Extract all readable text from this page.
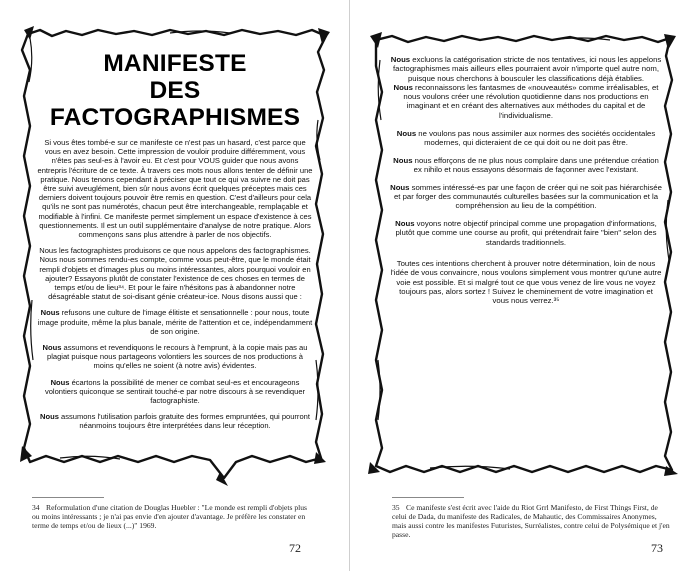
MANIFESTE
DES FACTOGRAPHISMES

Si vous êtes tombé-e sur ce manifeste ce n'est pas un hasard, c'est parce que vous en avez besoin. Cette impression de vouloir produire différemment, vous n'êtes pas seul-es à l'avoir eu. Et c'est pour VOUS guider que nous avons entrepris l'écriture de ce texte. À travers ces mots nous allons tenter de définir une pratique. Nous tenons cependant à préciser que tout ce qui va suivre ne doit pas être suivi aveuglément, bien sûr nous avons écrit quelques préceptes mais ces derniers doivent toujours pouvoir être remis en question. C'est d'ailleurs pour cela qu'ils ne sont pas numérotés, chacun peut être interchangeable, remplaçable et modifiable à l'infini. Ce manifeste permet simplement un espace d'existence à ces questionnements. Il est un outil supplémentaire d'analyse de notre pratique. Alors commençons sans plus attendre à parler de nos objectifs.

Nous les factographistes produisons ce que nous appelons des factographismes. Nous nous sommes rendu-es compte, comme vous peut-être, que le monde était rempli d'objets et d'images plus ou moins intéressantes, alors pourquoi vouloir en ajouter? Essayons plutôt de constater l'existence de ces choses en termes de temps et/ou de lieu³⁴. Et pour le faire n'hésitons pas à abandonner notre désagréable statut de soi-disant génie créateur-ice. Nous disons aussi que :

Nous refusons une culture de l'image élitiste et sensationnelle : pour nous, toute image produite, même la plus banale, mérite de l'attention et ce, indépendamment de son origine.

Nous assumons et revendiquons le recours à l'emprunt, à la copie mais pas au plagiat puisque nous partageons volontiers les sources de nos productions à moins qu'elles ne soient (à notre avis) évidentes.

Nous écartons la possibilité de mener ce combat seul-es et encourageons volontiers quiconque se sentirait touché-e par notre discours à se revendiquer factographiste.

Nous assumons l'utilisation parfois gratuite des formes empruntées, qui pourront néanmoins toujours être interprétées dans leur réception.

34 Reformulation d'une citation de Douglas Huebler : "Le monde est rempli d'objets plus ou moins intéressants ; je n'ai pas envie d'en ajouter d'avantage. Je préfère les constater en terme de temps et/ou de lieux (...)" 1969.
72

Nous excluons la catégorisation stricte de nos tentatives, ici nous les appelons factographismes mais ailleurs elles pourraient avoir n'importe quel autre nom, puisque nous cherchons à bousculer les classifications déjà établies.
Nous reconnaissons les fantasmes de «nouveautés» comme irréalisables, et nous voulons créer une révolution quotidienne dans nos productions en imaginant et en créant des alternatives aux méthodes du capital et de l'individualisme.

Nous ne voulons pas nous assimiler aux normes des sociétés occidentales modernes, qui dicteraient de ce qui doit ou ne doit pas être.

Nous nous efforçons de ne plus nous complaire dans une prétendue création ex nihilo et nous essayons désormais de façonner avec l'existant.

Nous sommes intéressé-es par une façon de créer qui ne soit pas hiérarchisée et par forger des communautés culturelles basées sur la communication et la compréhension au lieu de la compétition.

Nous voyons notre objectif principal comme une propagation d'informations, plutôt que comme une course au profit, qui prétendrait faire "bien" selon des standards traditionnels.

Toutes ces intentions cherchent à prouver notre détermination, loin de nous l'idée de vous convaincre, nous voulons simplement vous montrer qu'une autre voie est possible. Et si malgré tout ce que vous venez de lire vous ne voyez toujours pas, alors sortez ! Suivez le cheminement de votre imagination et vous nous verrez.³⁵

35 Ce manifeste s'est écrit avec l'aide du Riot Grrl Manifesto, de First Things First, de celui de Dada, du manifeste des Radicales, de Mahautic, des Commissaires Anonymes, mais aussi contre les manifestes Futuristes, Surréalistes, contre celui de Polysémique et j'en passe.
73
